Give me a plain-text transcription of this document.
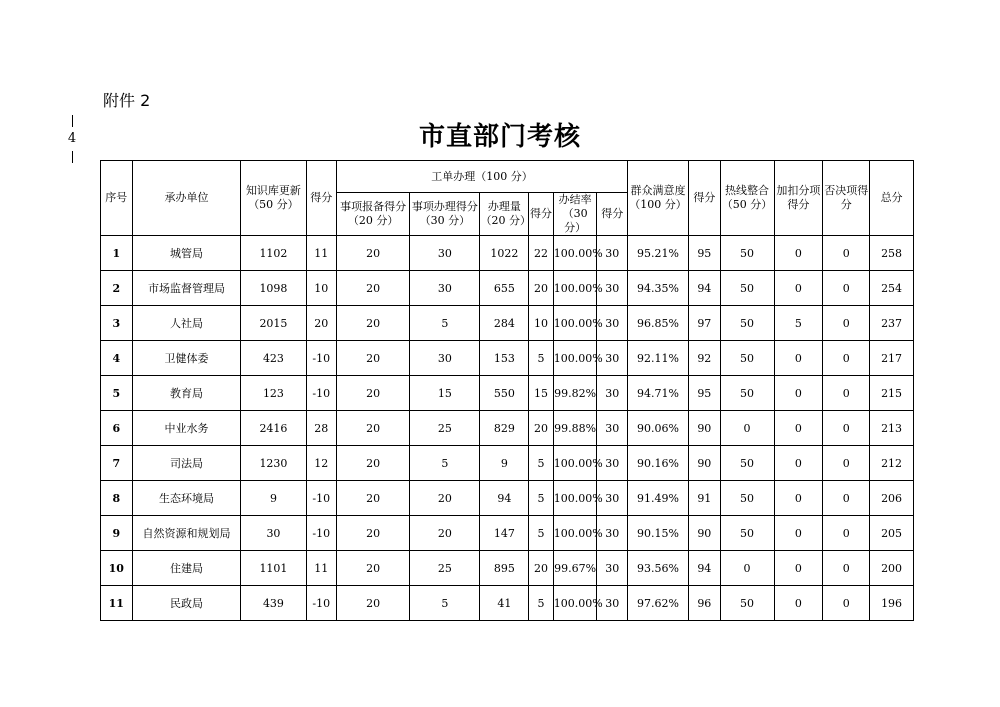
附件 2
4	市直部门考核
序号	承办单位	知识库更新（50 分）	得分	工单办理（100 分）						群众满意度（100 分）	得分	热线整合（50 分）	加扣分项得分	否决项得分	总分
				事项报备得分（20 分）	事项办理得分（30 分）	办理量（20 分）	得分	办结率（30 分）	得分						
1	城管局	1102	11	20	30	1022	22	100.00%	30	95.21%	95	50	0	0	258
2	市场监督管理局	1098	10	20	30	655	20	100.00%	30	94.35%	94	50	0	0	254
3	人社局	2015	20	20	5	284	10	100.00%	30	96.85%	97	50	5	0	237
4	卫健体委	423	-10	20	30	153	5	100.00%	30	92.11%	92	50	0	0	217
5	教育局	123	-10	20	15	550	15	99.82%	30	94.71%	95	50	0	0	215
6	中业水务	2416	28	20	25	829	20	99.88%	30	90.06%	90	0	0	0	213
7	司法局	1230	12	20	5	9	5	100.00%	30	90.16%	90	50	0	0	212
8	生态环境局	9	-10	20	20	94	5	100.00%	30	91.49%	91	50	0	0	206
9	自然资源和规划局	30	-10	20	20	147	5	100.00%	30	90.15%	90	50	0	0	205
10	住建局	1101	11	20	25	895	20	99.67%	30	93.56%	94	0	0	0	200
11	民政局	439	-10	20	5	41	5	100.00%	30	97.62%	96	50	0	0	196
